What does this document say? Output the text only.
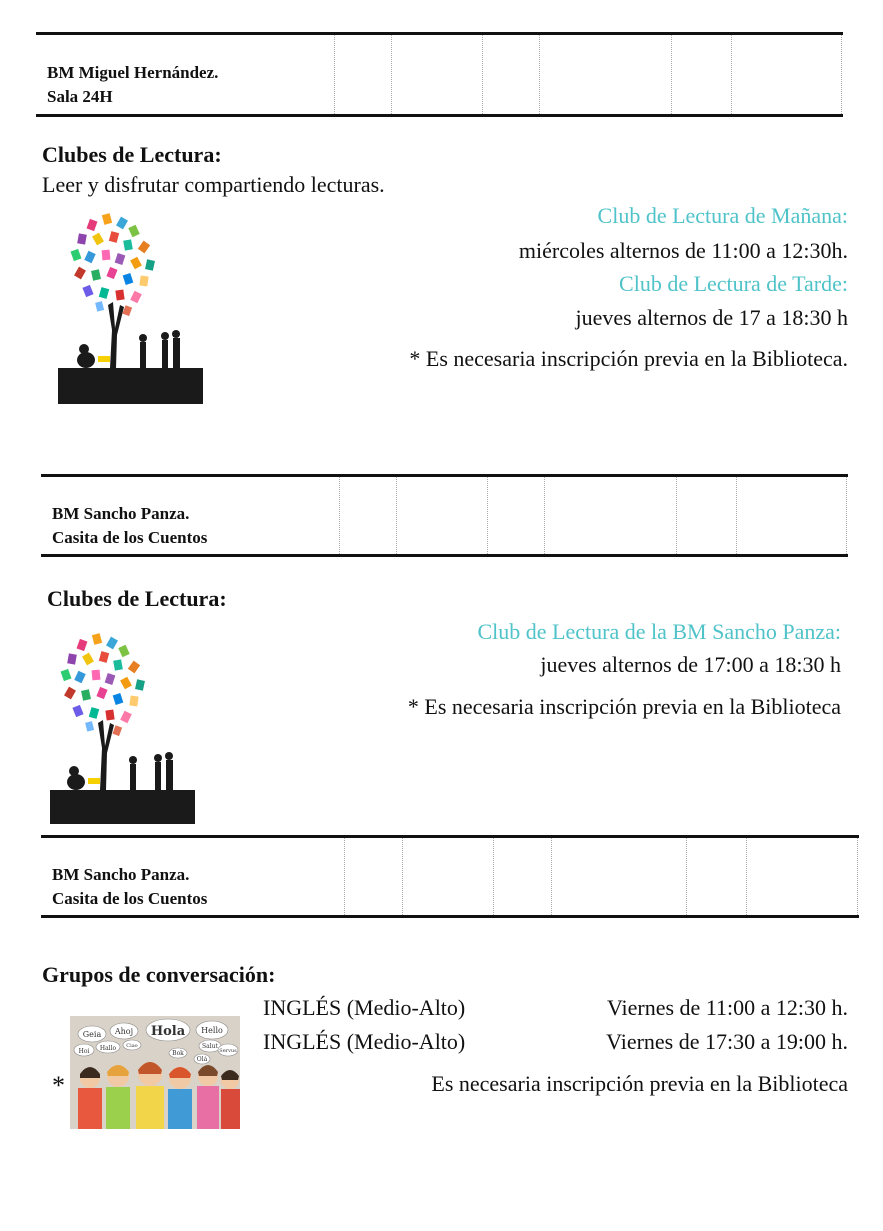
BM Miguel Hernández.
Sala 24H
Clubes de Lectura:
Leer y disfrutar compartiendo lecturas.
Club de Lectura de Mañana:
miércoles alternos de 11:00 a 12:30h.
Club de Lectura de Tarde:
jueves alternos de 17 a 18:30 h
* Es necesaria inscripción previa en la Biblioteca.
BM Sancho Panza.
Casita de los Cuentos
Clubes de Lectura:
Club de Lectura de la BM Sancho Panza:
jueves alternos de 17:00 a 18:30 h
* Es necesaria inscripción previa en la Biblioteca
BM Sancho Panza.
Casita de los Cuentos
Grupos de conversación:
INGLÉS (Medio-Alto)	Viernes de 11:00 a 12:30 h.
INGLÉS (Medio-Alto)	Viernes de 17:30 a 19:00 h.
*	Es necesaria inscripción previa en la Biblioteca
Geia Ahoj Hola Hello
Hoi Hallo Ciao	Salut
Servus
Bok
Olá
